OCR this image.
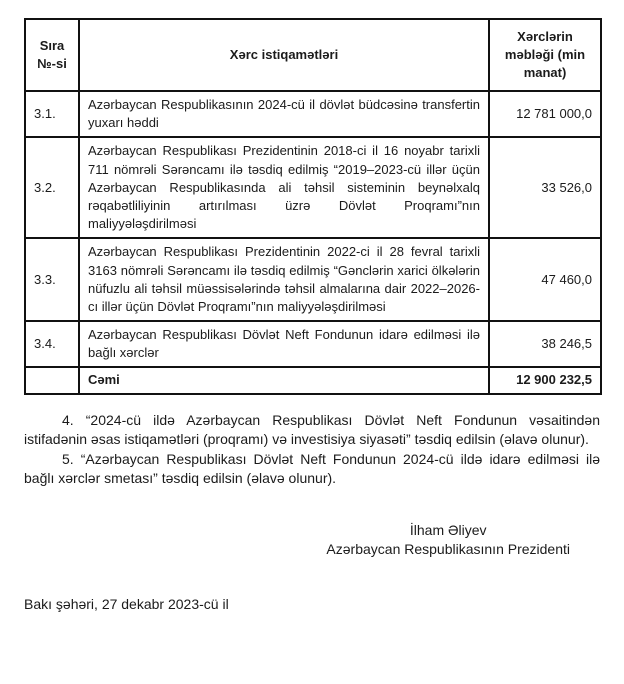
Sıra №-si	Xərc istiqamətləri	Xərclərin məbləği (min manat)
3.1.	Azərbaycan Respublikasının 2024-cü il dövlət büdcəsinə transfertin yuxarı həddi	12 781 000,0
3.2.	Azərbaycan Respublikası Prezidentinin 2018-ci il 16 noyabr tarixli 711 nömrəli Sərəncamı ilə təsdiq edilmiş “2019–2023-cü illər üçün Azərbaycan Respublikasında ali təhsil sisteminin beynəlxalq rəqabətliliyinin artırılması üzrə Dövlət Proqramı”nın maliyyələşdirilməsi	33 526,0
3.3.	Azərbaycan Respublikası Prezidentinin 2022-ci il 28 fevral tarixli 3163 nömrəli Sərəncamı ilə təsdiq edilmiş “Gənclərin xarici ölkələrin nüfuzlu ali təhsil müəssisələrində təhsil almalarına dair 2022–2026-cı illər üçün Dövlət Proqramı”nın maliyyələşdirilməsi	47 460,0
3.4.	Azərbaycan Respublikası Dövlət Neft Fondunun idarə edilməsi ilə bağlı xərclər	38 246,5
	Cəmi	12 900 232,5

4. “2024-cü ildə Azərbaycan Respublikası Dövlət Neft Fondunun vəsaitindən istifadənin əsas istiqamətləri (proqramı) və investisiya siyasəti” təsdiq edilsin (əlavə olunur).

5. “Azərbaycan Respublikası Dövlət Neft Fondunun 2024-cü ildə idarə edilməsi ilə bağlı xərclər smetası” təsdiq edilsin (əlavə olunur).

İlham Əliyev
Azərbaycan Respublikasının Prezidenti
Bakı şəhəri, 27 dekabr 2023-cü il
